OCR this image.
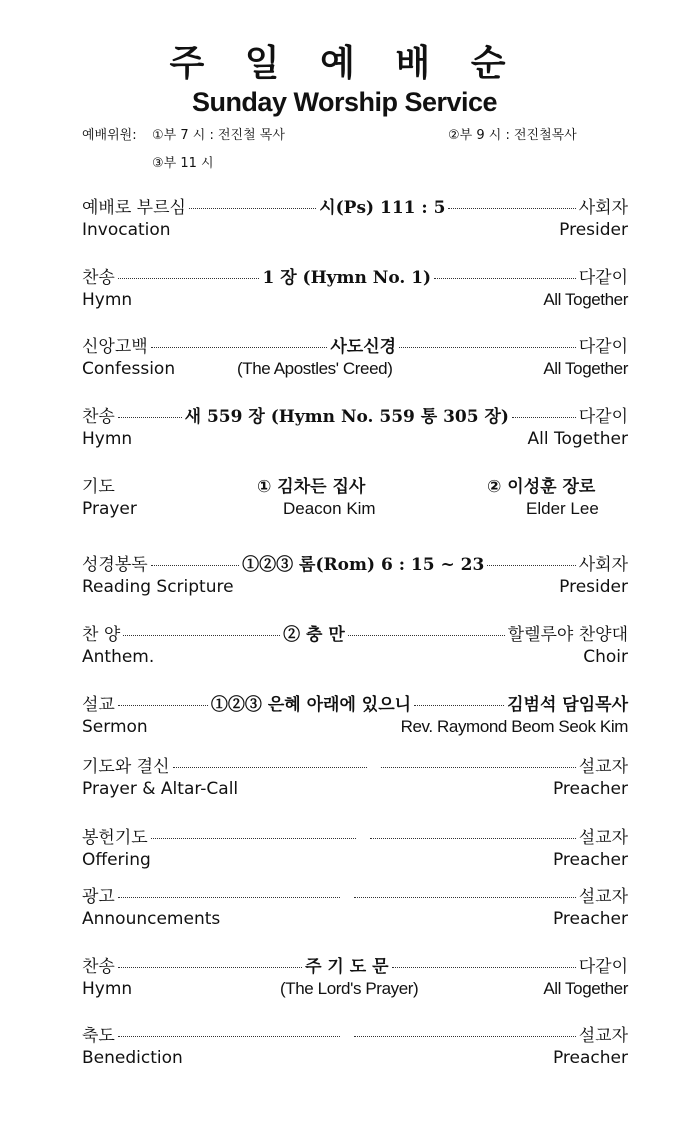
주 일 예 배 순
Sunday Worship Service
예배위원: ①부 7 시 : 전진철 목사	②부 9 시 : 전진철목사
③부 11 시
예배로 부르심	시(Ps) 111 : 5	사회자
Invocation	Presider
찬송	1 장 (Hymn No. 1)	다같이
Hymn	All Together
신앙고백	사도신경	다같이
Confession	(The Apostles' Creed)	All Together
찬송	새 559 장 (Hymn No. 559 통 305 장)	다같이
Hymn	All Together
기도	① 김차든 집사	② 이성훈 장로
Prayer	Deacon Kim	Elder Lee
성경봉독	①②③ 롬(Rom) 6 : 15 ~ 23	사회자
Reading Scripture	Presider
찬 양	② 충 만	할렐루야 찬양대
Anthem.	Choir
설교	①②③ 은혜 아래에 있으니	김범석 담임목사
Sermon	Rev. Raymond Beom Seok Kim
기도와 결신	설교자
Prayer & Altar-Call	Preacher
봉헌기도	설교자
Offering	Preacher
광고	설교자
Announcements	Preacher
찬송	주 기 도 문	다같이
Hymn	(The Lord's Prayer)	All Together
축도	설교자
Benediction	Preacher
